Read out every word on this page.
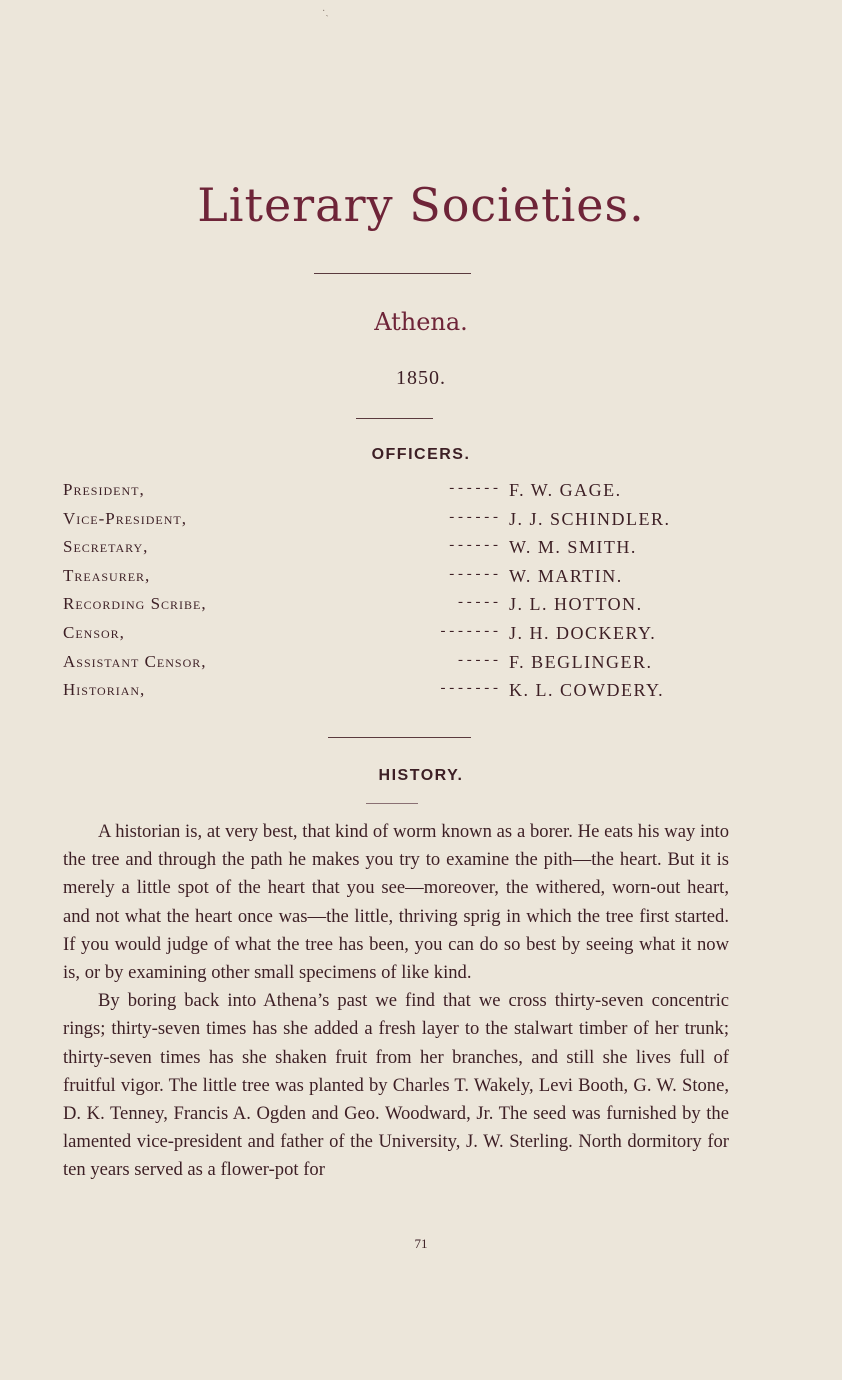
·ˎ
Literary Societies.
Athena.
1850.
OFFICERS.
President,	- - - - - - F. W. GAGE.
Vice-President,	- - - - - - J. J. SCHINDLER.
Secretary,	- - - - - - W. M. SMITH.
Treasurer,	- - - - - - W. MARTIN.
Recording Scribe,	- - - - - J. L. HOTTON.
Censor,	- - - - - - - J. H. DOCKERY.
Assistant Censor,	- - - - - F. BEGLINGER.
Historian,	- - - - - - - K. L. COWDERY.
HISTORY.

A historian is, at very best, that kind of worm known as a borer. He eats his way into the tree and through the path he makes you try to examine the pith—the heart. But it is merely a little spot of the heart that you see—moreover, the withered, worn-out heart, and not what the heart once was—the little, thriving sprig in which the tree first started. If you would judge of what the tree has been, you can do so best by seeing what it now is, or by examining other small specimens of like kind.

By boring back into Athena’s past we find that we cross thirty-seven concentric rings; thirty-seven times has she added a fresh layer to the stalwart timber of her trunk; thirty-seven times has she shaken fruit from her branches, and still she lives full of fruitful vigor. The little tree was planted by Charles T. Wakely, Levi Booth, G. W. Stone, D. K. Tenney, Francis A. Ogden and Geo. Woodward, Jr. The seed was furnished by the lamented vice-president and father of the University, J. W. Sterling. North dormitory for ten years served as a flower-pot for

71
